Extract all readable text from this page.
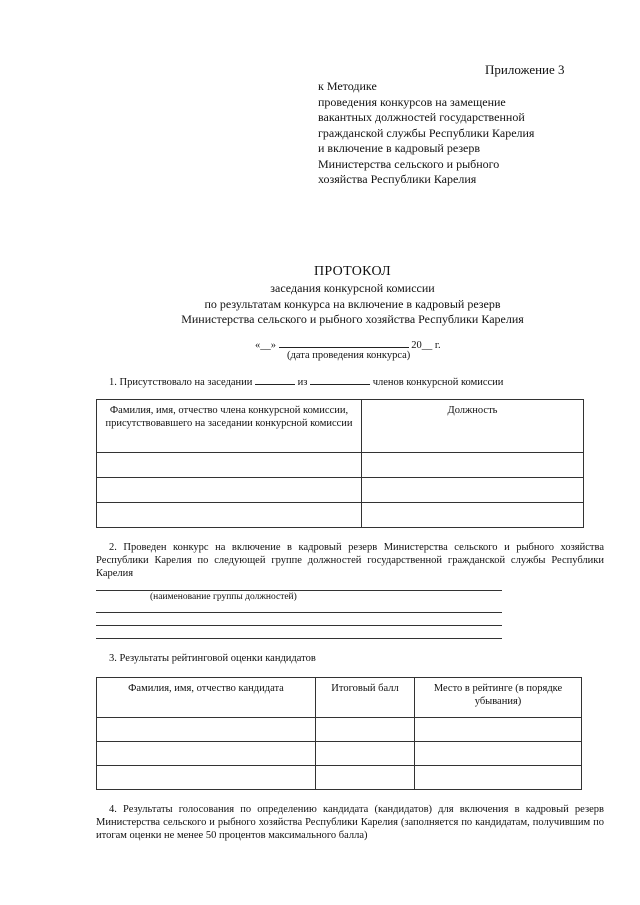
Приложение 3
к Методике
проведения конкурсов на замещение
вакантных должностей государственной
гражданской службы Республики Карелия
и включение в кадровый резерв
Министерства сельского и рыбного
хозяйства Республики Карелия
ПРОТОКОЛ
заседания конкурсной комиссии
по результатам конкурса на включение в кадровый резерв
Министерства сельского и рыбного хозяйства Республики Карелия
«__»	20__ г.
(дата проведения конкурса)
1. Присутствовало на заседании	из	членов конкурсной комиссии
Фамилия, имя, отчество члена конкурсной комиссии, присутствовавшего на заседании конкурсной комиссии	Должность

2. Проведен конкурс на включение в кадровый резерв Министерства сельского и рыбного хозяйства Республики Карелия по следующей группе должностей государственной гражданской службы Республики Карелия
(наименование группы должностей)
3. Результаты рейтинговой оценки кандидатов
Фамилия, имя, отчество кандидата	Итоговый балл	Место в рейтинге (в порядке убывания)

4. Результаты голосования по определению кандидата (кандидатов) для включения в кадровый резерв Министерства сельского и рыбного хозяйства Республики Карелия (заполняется по кандидатам, получившим по итогам оценки не менее 50 процентов максимального балла)
